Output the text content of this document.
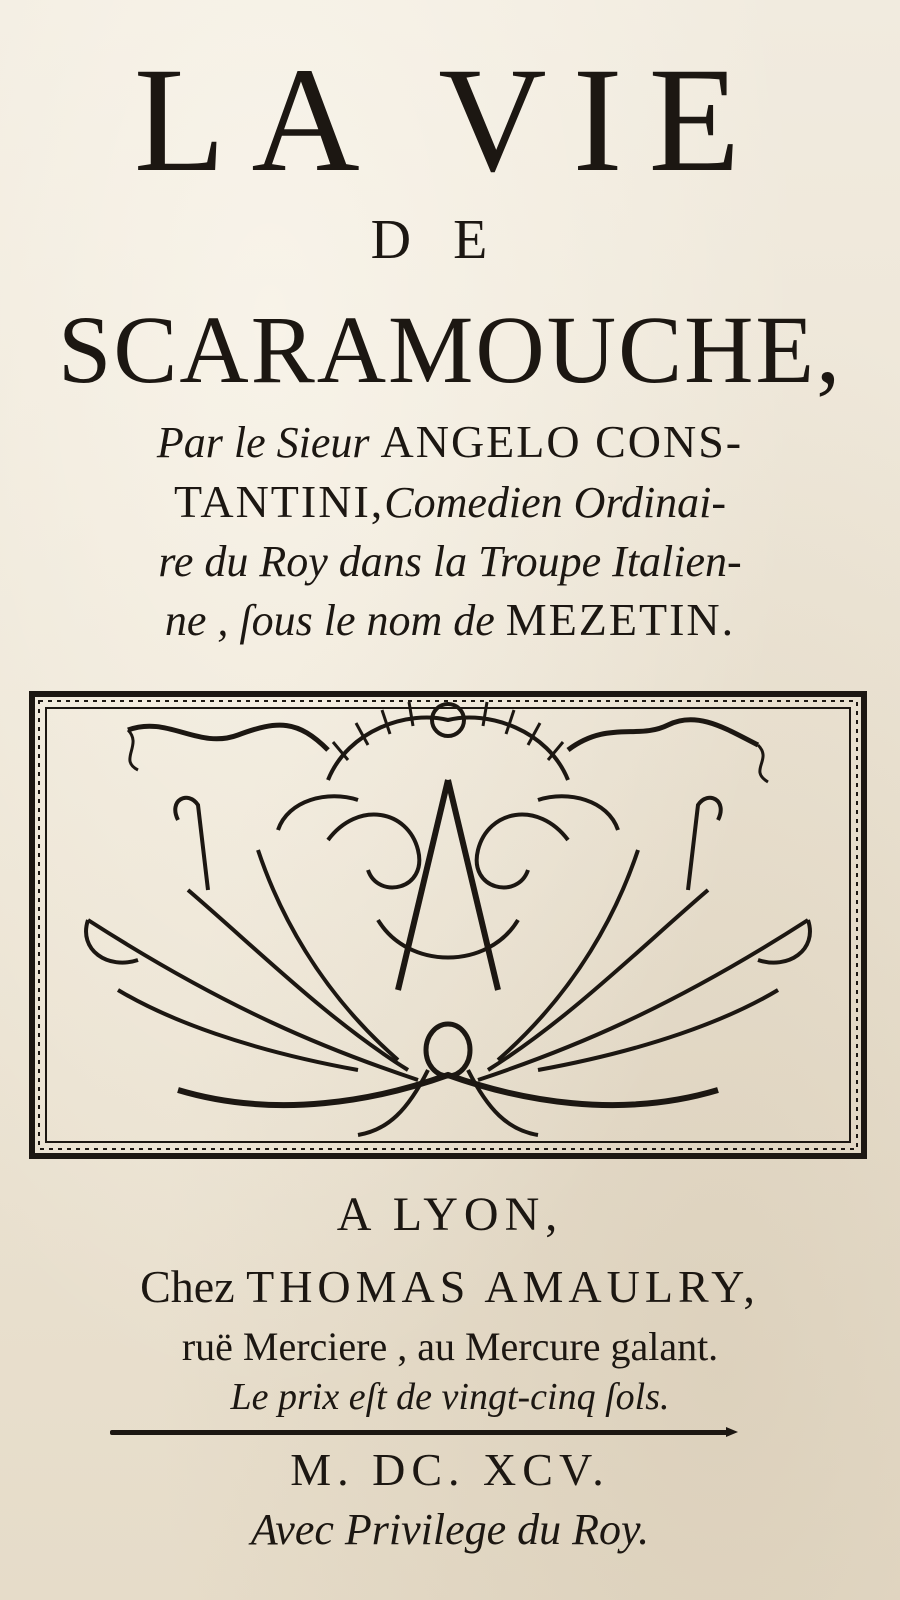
LA VIE
DE
SCARAMOUCHE,
Par le Sieur ANGELO CONS-
TANTINI,Comedien Ordinai-
re du Roy dans la Troupe Italien-
ne , ſous le nom de MEZETIN.
A LYON,
Chez THOMAS AMAULRY,
ruë Merciere , au Mercure galant.
Le prix eſt de vingt-cinq ſols.
M. DC. XCV.
Avec Privilege du Roy.
